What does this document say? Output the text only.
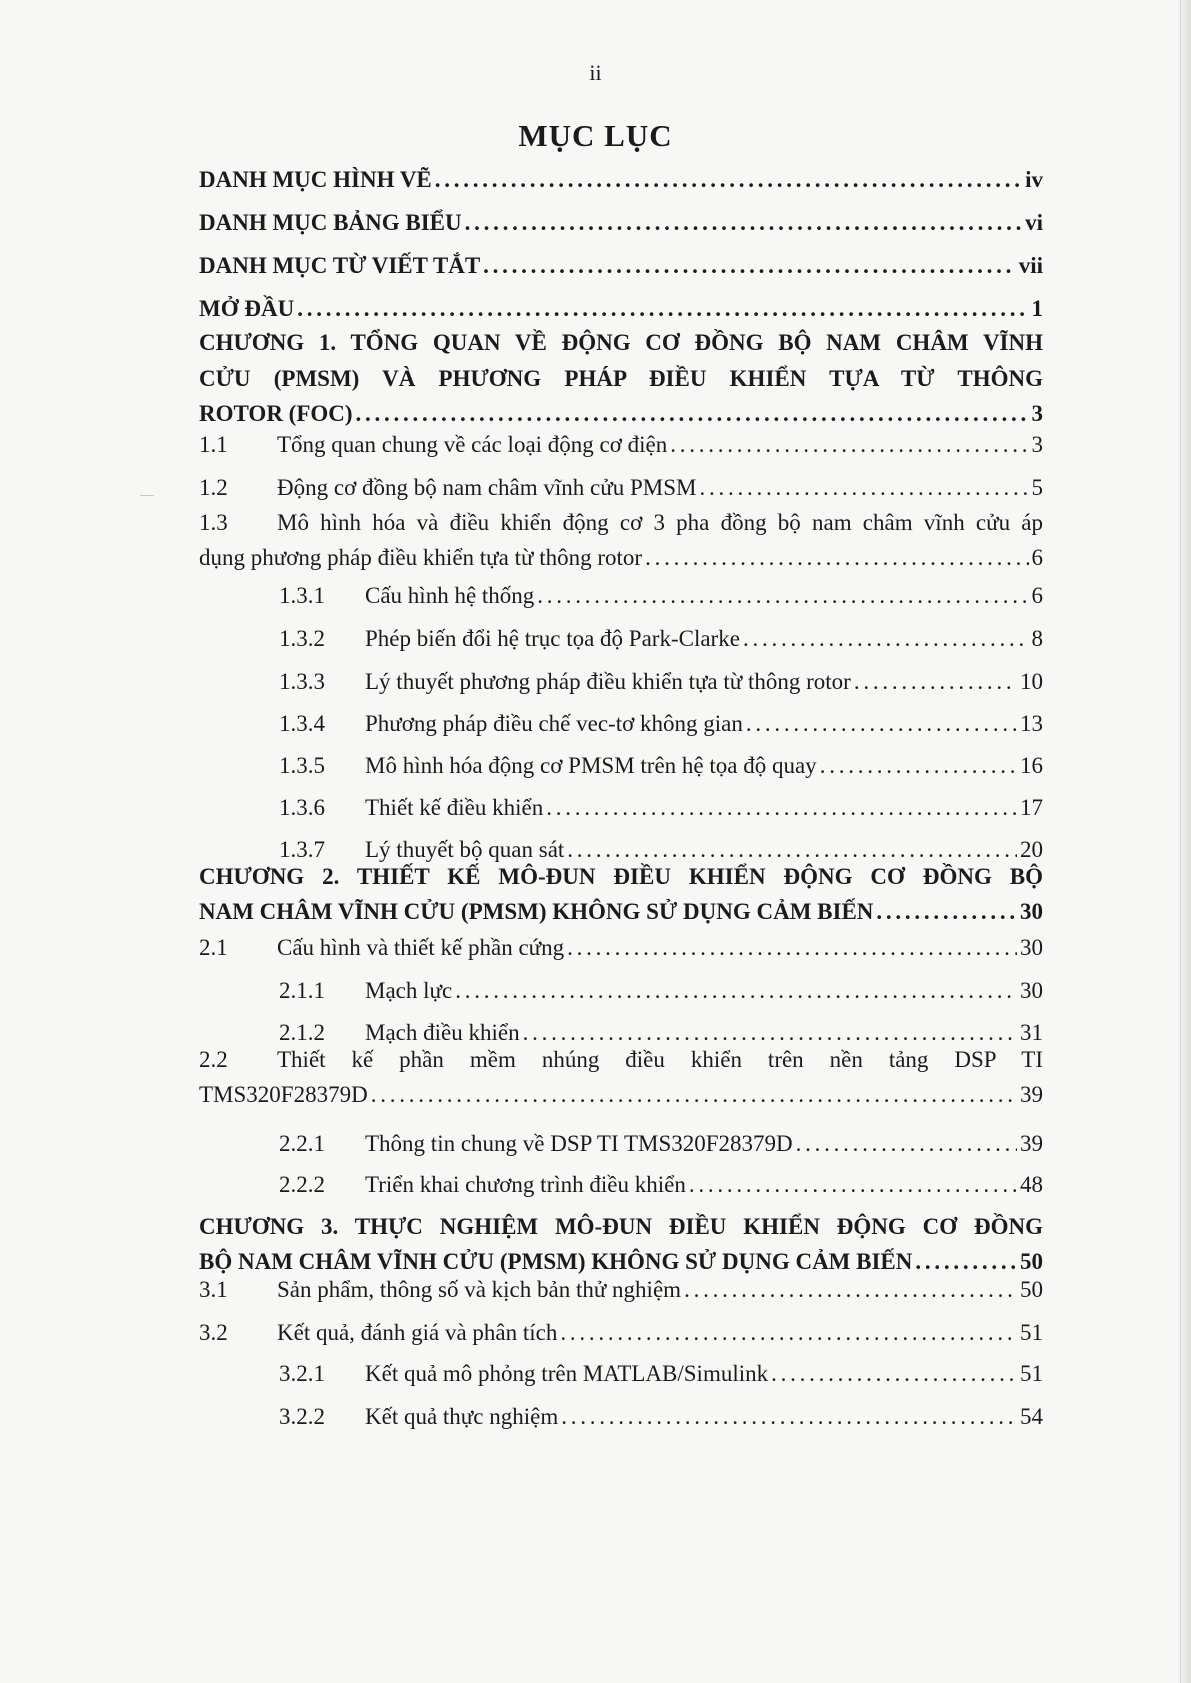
ii
MỤC LỤC
DANH MỤC HÌNH VẼ . . .	iv
DANH MỤC BẢNG BIỂU . . .	vi
DANH MỤC TỪ VIẾT TẮT . . .	vii
MỞ ĐẦU . . .	1
CHƯƠNG 1. TỔNG QUAN VỀ ĐỘNG CƠ ĐỒNG BỘ NAM CHÂM VĨNH
CỬU (PMSM) VÀ PHƯƠNG PHÁP ĐIỀU KHIỂN TỰA TỪ THÔNG
ROTOR (FOC) . . .	3
1.1	Tổng quan chung về các loại động cơ điện . . .	3
1.2	Động cơ đồng bộ nam châm vĩnh cửu PMSM . . .	5
1.3 Mô hình hóa và điều khiển động cơ 3 pha đồng bộ nam châm vĩnh cửu áp
dụng phương pháp điều khiển tựa từ thông rotor . . .	6
1.3.1	Cấu hình hệ thống . . .	6
1.3.2	Phép biến đổi hệ trục tọa độ Park-Clarke . . .	8
1.3.3	Lý thuyết phương pháp điều khiển tựa từ thông rotor . . .	10
1.3.4	Phương pháp điều chế vec-tơ không gian . . .	13
1.3.5	Mô hình hóa động cơ PMSM trên hệ tọa độ quay . . .	16
1.3.6	Thiết kế điều khiển . . .	17
1.3.7	Lý thuyết bộ quan sát . . .	20
CHƯƠNG 2. THIẾT KẾ MÔ-ĐUN ĐIỀU KHIỂN ĐỘNG CƠ ĐỒNG BỘ
NAM CHÂM VĨNH CỬU (PMSM) KHÔNG SỬ DỤNG CẢM BIẾN . . .	30
2.1	Cấu hình và thiết kế phần cứng . . .	30
2.1.1	Mạch lực . . .	30
2.1.2	Mạch điều khiển . . .	31
2.2 Thiết kế phần mềm nhúng điều khiển trên nền tảng DSP TI
TMS320F28379D . . .	39
2.2.1	Thông tin chung về DSP TI TMS320F28379D . . .	39
2.2.2	Triển khai chương trình điều khiển . . .	48
CHƯƠNG 3. THỰC NGHIỆM MÔ-ĐUN ĐIỀU KHIỂN ĐỘNG CƠ ĐỒNG
BỘ NAM CHÂM VĨNH CỬU (PMSM) KHÔNG SỬ DỤNG CẢM BIẾN . . .	50
3.1	Sản phẩm, thông số và kịch bản thử nghiệm . . .	50
3.2	Kết quả, đánh giá và phân tích . . .	51
3.2.1	Kết quả mô phỏng trên MATLAB/Simulink . . .	51
3.2.2	Kết quả thực nghiệm . . .	54
